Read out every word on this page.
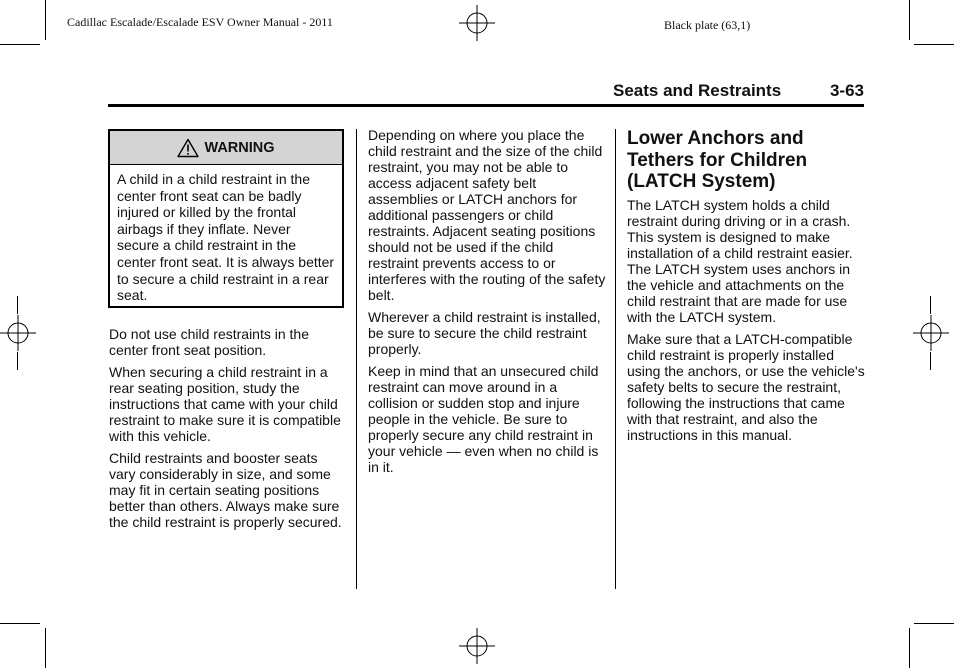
Cadillac Escalade/Escalade ESV Owner Manual - 2011	Black plate (63,1)
Seats and Restraints	3-63
WARNING
A child in a child restraint in the center front seat can be badly injured or killed by the frontal airbags if they inflate. Never secure a child restraint in the center front seat. It is always better to secure a child restraint in a rear seat.

Do not use child restraints in the center front seat position.

When securing a child restraint in a rear seating position, study the instructions that came with your child restraint to make sure it is compatible with this vehicle.

Child restraints and booster seats vary considerably in size, and some may fit in certain seating positions better than others. Always make sure the child restraint is properly secured.

Depending on where you place the child restraint and the size of the child restraint, you may not be able to access adjacent safety belt assemblies or LATCH anchors for additional passengers or child restraints. Adjacent seating positions should not be used if the child restraint prevents access to or interferes with the routing of the safety belt.

Wherever a child restraint is installed, be sure to secure the child restraint properly.

Keep in mind that an unsecured child restraint can move around in a collision or sudden stop and injure people in the vehicle. Be sure to properly secure any child restraint in your vehicle — even when no child is in it.

Lower Anchors and Tethers for Children (LATCH System)

The LATCH system holds a child restraint during driving or in a crash. This system is designed to make installation of a child restraint easier. The LATCH system uses anchors in the vehicle and attachments on the child restraint that are made for use with the LATCH system.

Make sure that a LATCH-compatible child restraint is properly installed using the anchors, or use the vehicle's safety belts to secure the restraint, following the instructions that came with that restraint, and also the instructions in this manual.
